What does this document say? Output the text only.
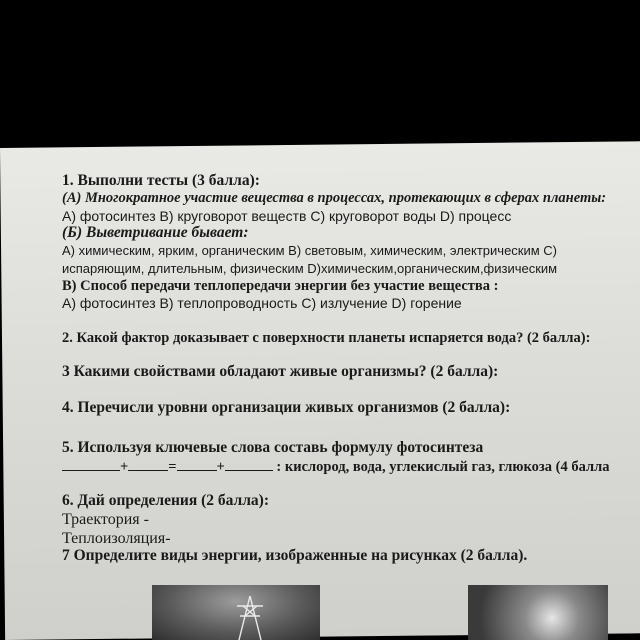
1. Выполни тесты (3 балла):
(А) Многократное участие вещества в процессах, протекающих в сферах планеты:
А) фотосинтез В) круговорот веществ С) круговорот воды D) процесс
(Б) Выветривание бывает:
А) химическим, ярким, органическим В) световым, химическим, электрическим С)
испаряющим, длительным, физическим D)химическим,органическим,физическим
В) Способ передачи теплопередачи энергии без участие вещества :
А) фотосинтез В) теплопроводность С) излучение D) горение
2. Какой фактор доказывает с поверхности планеты испаряется вода? (2 балла):
3 Какими свойствами обладают живые организмы? (2 балла):
4. Перечисли уровни организации живых организмов (2 балла):
5. Используя ключевые слова составь формулу фотосинтеза
+	=	+	: кислород, вода, углекислый газ, глюкоза (4 балла
6. Дай определения (2 балла):
Траектория -
Теплоизоляция-
7 Определите виды энергии, изображенные на рисунках (2 балла).
